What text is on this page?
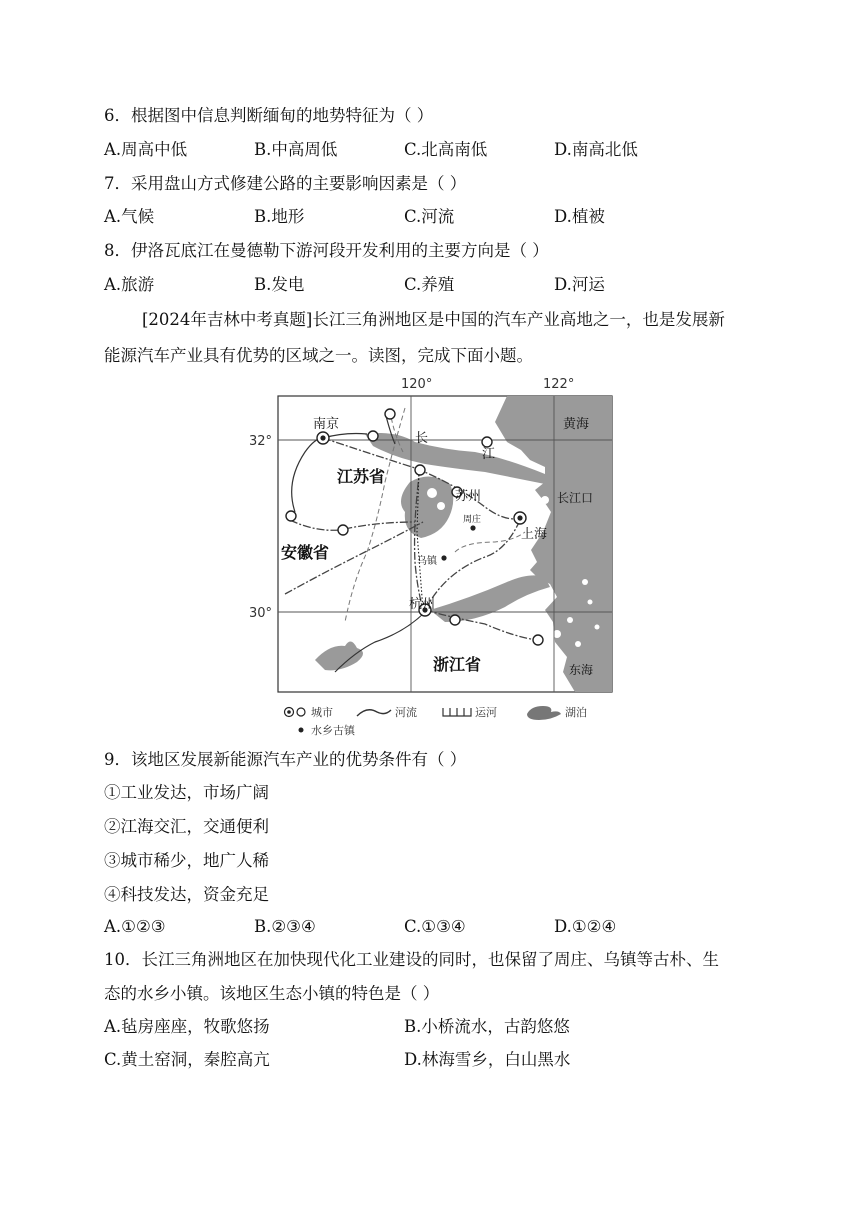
6．根据图中信息判断缅甸的地势特征为（ ）
A.周高中低	B.中高周低	C.北高南低	D.南高北低
7．采用盘山方式修建公路的主要影响因素是（ ）
A.气候	B.地形	C.河流	D.植被
8．伊洛瓦底江在曼德勒下游河段开发利用的主要方向是（ ）
A.旅游	B.发电	C.养殖	D.河运
[2024年吉林中考真题]长江三角洲地区是中国的汽车产业高地之一，也是发展新
能源汽车产业具有优势的区域之一。读图，完成下面小题。
120°	122°
32°
30°
南京
江苏省
安徽省
浙江省
苏州
周庄
乌镇
杭州
上海
长
江
黄海
长江口
东海
城市	河流	运河	湖泊
水乡古镇
9．该地区发展新能源汽车产业的优势条件有（ ）
①工业发达，市场广阔
②江海交汇，交通便利
③城市稀少，地广人稀
④科技发达，资金充足
A.①②③	B.②③④	C.①③④	D.①②④
10．长江三角洲地区在加快现代化工业建设的同时，也保留了周庄、乌镇等古朴、生
态的水乡小镇。该地区生态小镇的特色是（ ）
A.毡房座座，牧歌悠扬	B.小桥流水，古韵悠悠
C.黄土窑洞，秦腔高亢	D.林海雪乡，白山黑水
